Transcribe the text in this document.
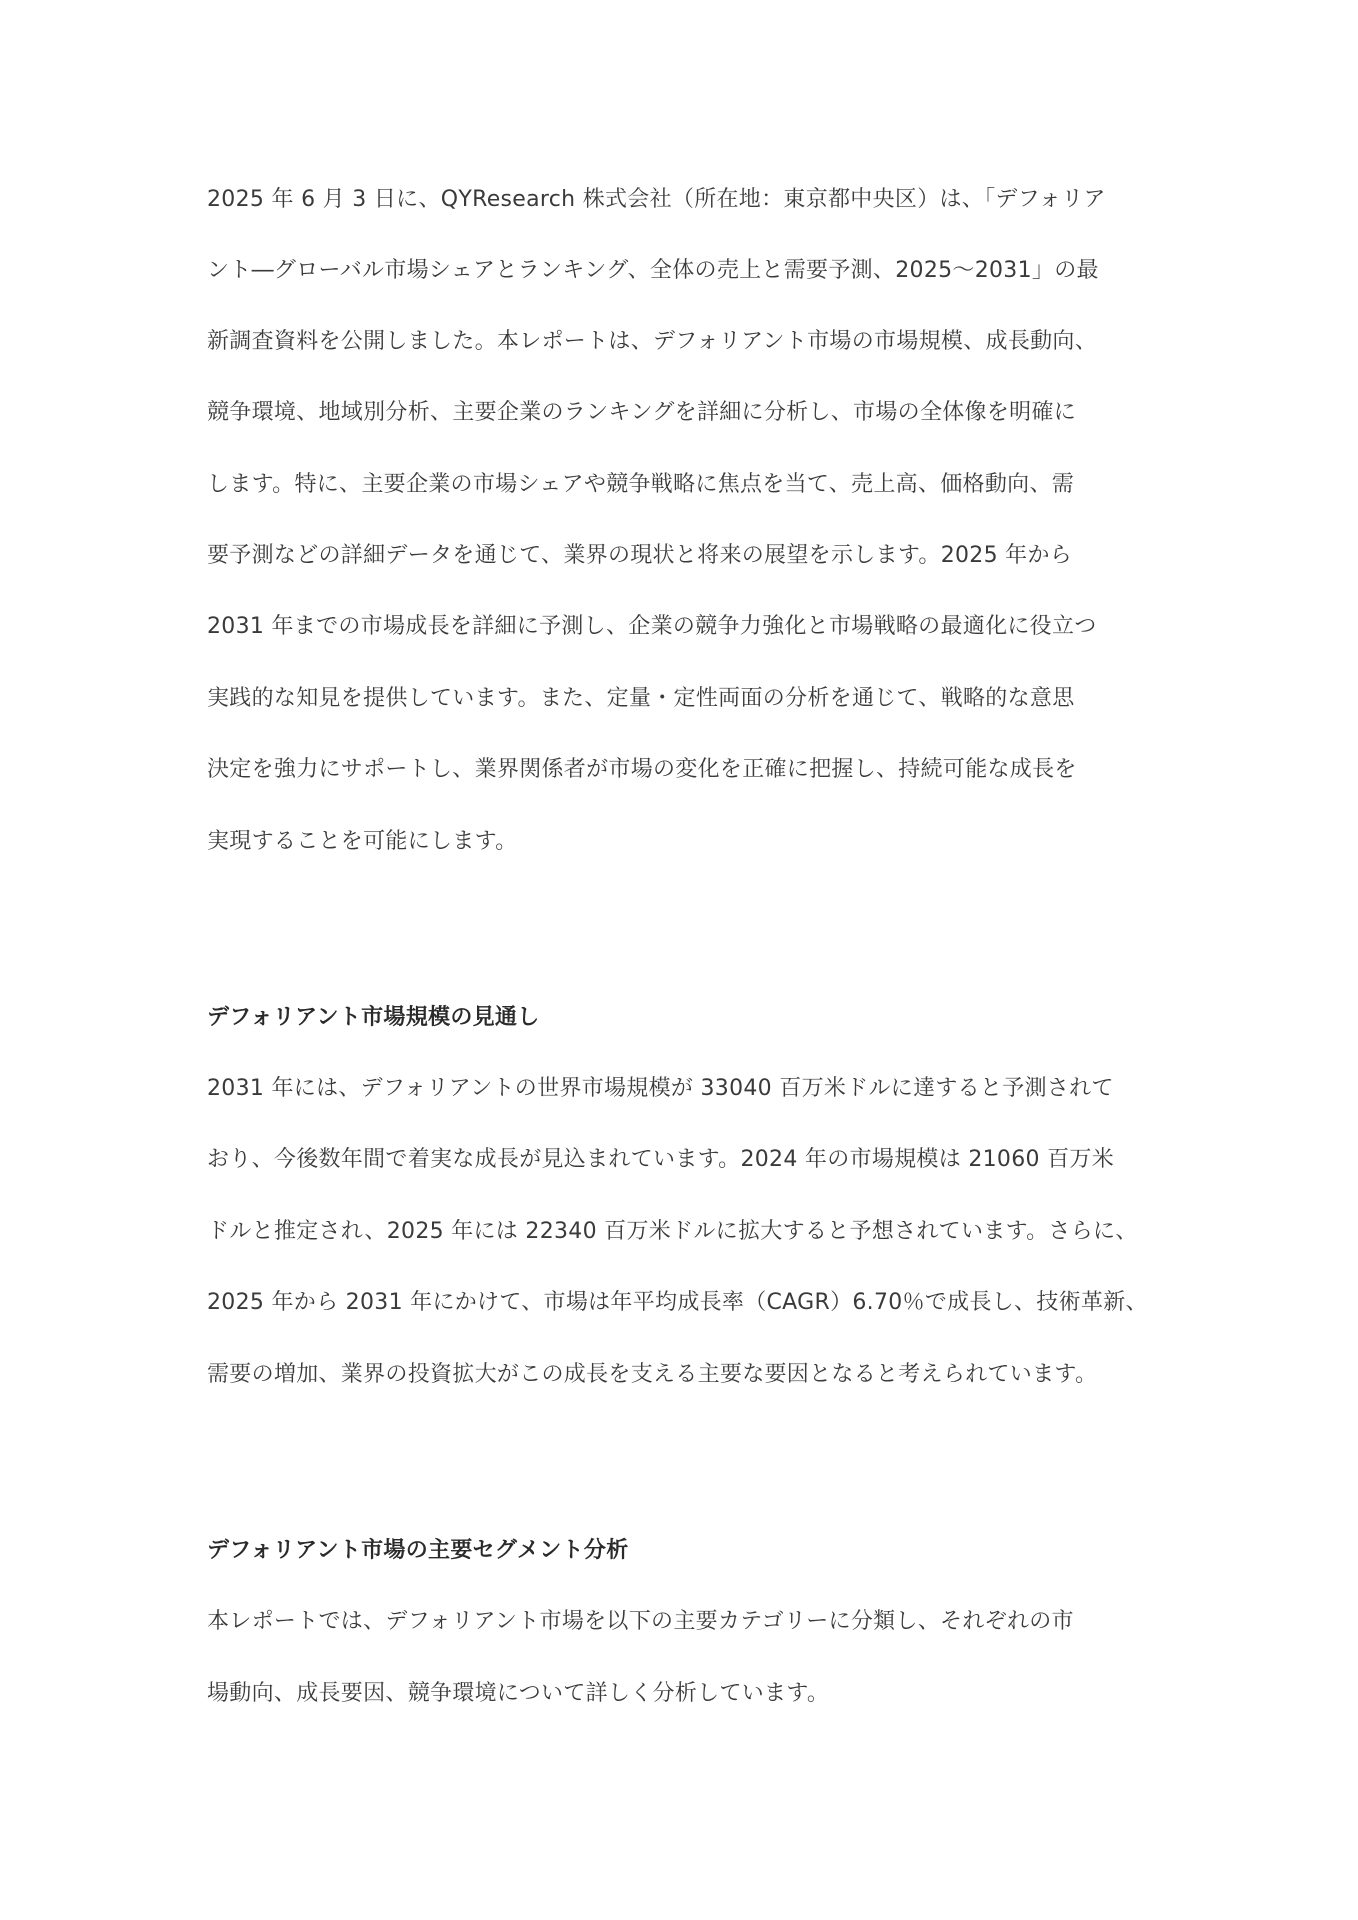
2025 年 6 月 3 日に、QYResearch 株式会社（所在地：東京都中央区）は、「デフォリア
ント―グローバル市場シェアとランキング、全体の売上と需要予測、2025～2031」の最
新調査資料を公開しました。本レポートは、デフォリアント市場の市場規模、成長動向、
競争環境、地域別分析、主要企業のランキングを詳細に分析し、市場の全体像を明確に
します。特に、主要企業の市場シェアや競争戦略に焦点を当て、売上高、価格動向、需
要予測などの詳細データを通じて、業界の現状と将来の展望を示します。2025 年から
2031 年までの市場成長を詳細に予測し、企業の競争力強化と市場戦略の最適化に役立つ
実践的な知見を提供しています。また、定量・定性両面の分析を通じて、戦略的な意思
決定を強力にサポートし、業界関係者が市場の変化を正確に把握し、持続可能な成長を
実現することを可能にします。
デフォリアント市場規模の見通し
2031 年には、デフォリアントの世界市場規模が 33040 百万米ドルに達すると予測されて
おり、今後数年間で着実な成長が見込まれています。2024 年の市場規模は 21060 百万米
ドルと推定され、2025 年には 22340 百万米ドルに拡大すると予想されています。さらに、
2025 年から 2031 年にかけて、市場は年平均成長率（CAGR）6.70％で成長し、技術革新、
需要の増加、業界の投資拡大がこの成長を支える主要な要因となると考えられています。
デフォリアント市場の主要セグメント分析
本レポートでは、デフォリアント市場を以下の主要カテゴリーに分類し、それぞれの市
場動向、成長要因、競争環境について詳しく分析しています。
